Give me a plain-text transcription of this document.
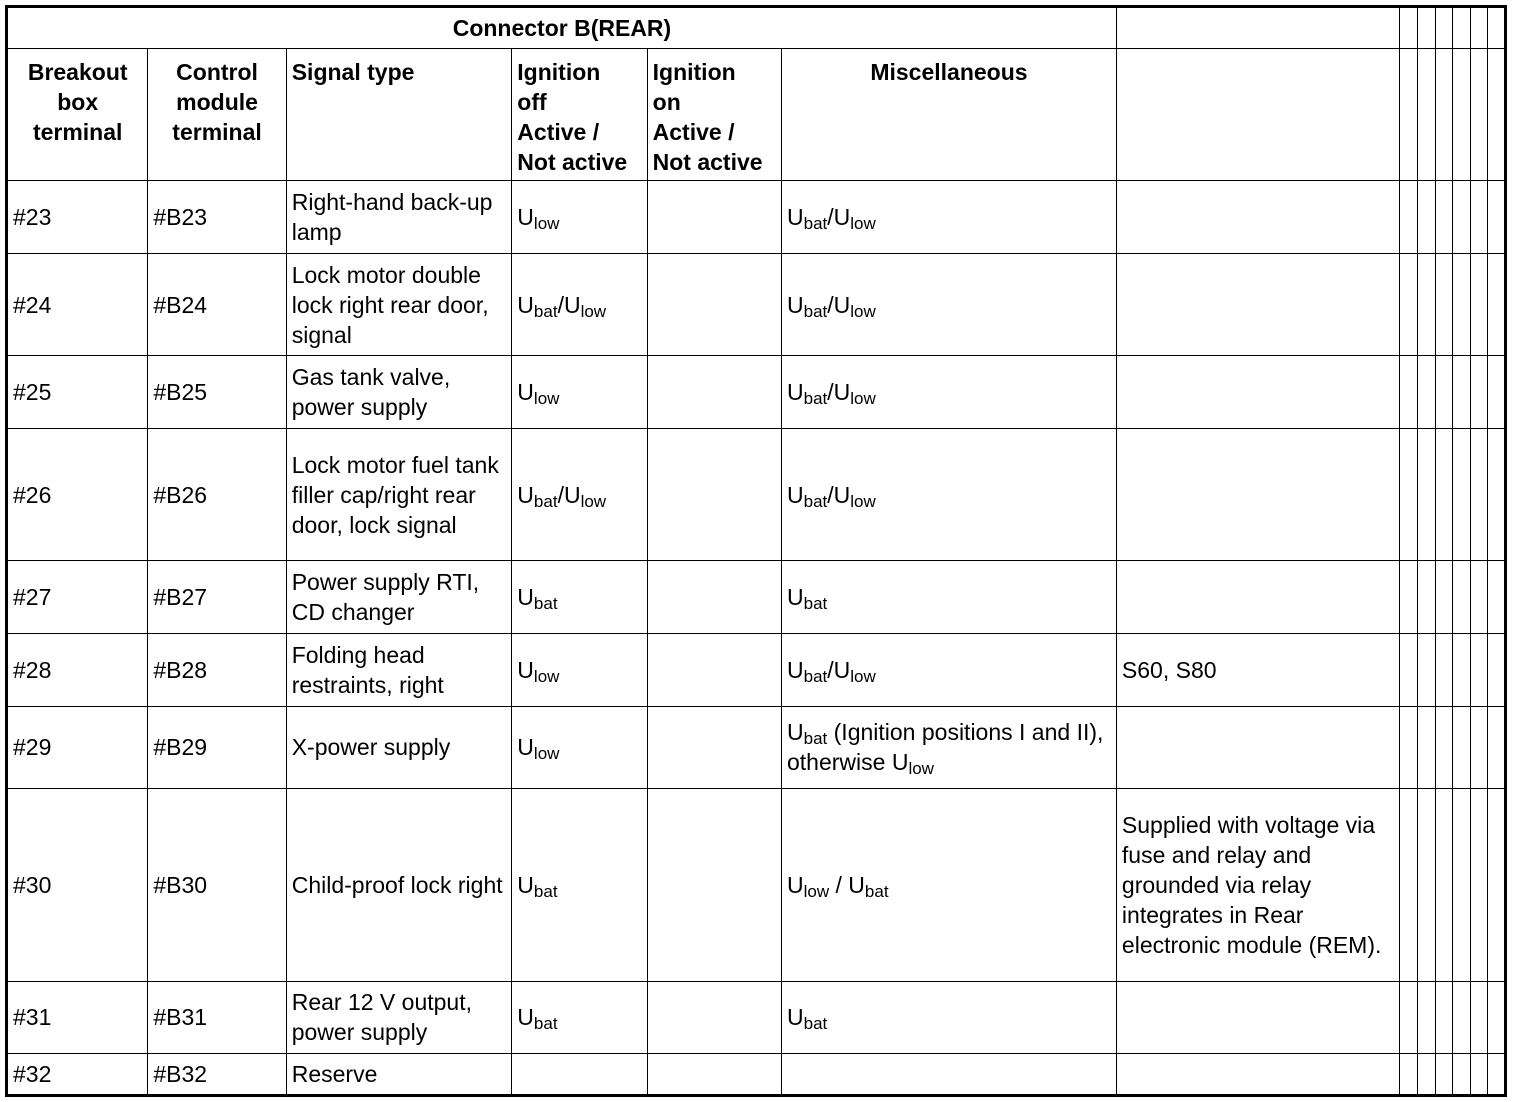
Connector B(REAR)												
Breakout box terminal	Control module terminal	Signal type	Ignition
off
Active /
Not active	Ignition
on
Active /
Not active	Miscellaneous							
#23	#B23	Right-hand back-up lamp	$U_{low}$		$U_{bat}/U_{low}$							
#24	#B24	Lock motor double lock right rear door, signal	$U_{bat}/U_{low}$		$U_{bat}/U_{low}$							
#25	#B25	Gas tank valve, power supply	$U_{low}$		$U_{bat}/U_{low}$							
#26	#B26	Lock motor fuel tank filler cap/right rear door, lock signal	$U_{bat}/U_{low}$		$U_{bat}/U_{low}$							
#27	#B27	Power supply RTI, CD changer	$U_{bat}$		$U_{bat}$							
#28	#B28	Folding head restraints, right	$U_{low}$		$U_{bat}/U_{low}$	S60, S80						
#29	#B29	X-power supply	$U_{low}$		$U_{bat}$ (Ignition positions I and II), otherwise $U_{low}$							
#30	#B30	Child-proof lock right	$U_{bat}$		$U_{low} / U_{bat}$	Supplied with voltage via fuse and relay and grounded via relay integrates in Rear electronic module (REM).						
#31	#B31	Rear 12 V output, power supply	$U_{bat}$		$U_{bat}$							
#32	#B32	Reserve										
